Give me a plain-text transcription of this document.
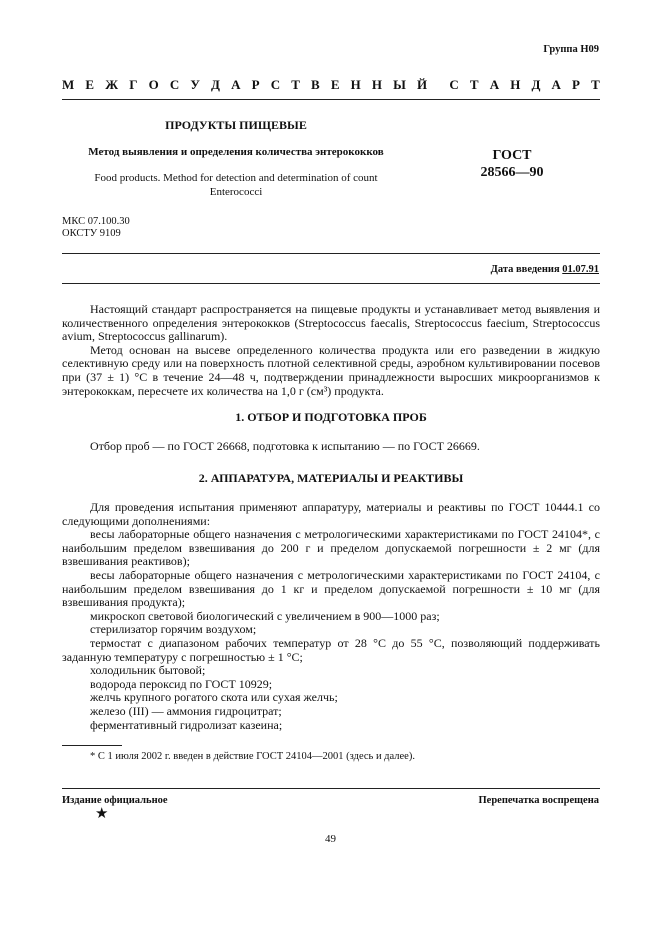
Группа Н09
М Е Ж Г О С У Д А Р С Т В Е Н Н Ы Й С Т А Н Д А Р Т
ПРОДУКТЫ ПИЩЕВЫЕ
Метод выявления и определения количества энтерококков
Food products. Method for detection and determination of count
Enterococci
ГОСТ
28566—90
МКС 07.100.30
ОКСТУ 9109
Дата введения 01.07.91

Настоящий стандарт распространяется на пищевые продукты и устанавливает метод выявления и количественного определения энтерококков (Streptococcus faecalis, Streptococcus faecium, Streptococcus avium, Streptococcus gallinarum).

Метод основан на высеве определенного количества продукта или его разведении в жидкую селективную среду или на поверхность плотной селективной среды, аэробном культивировании посевов при (37 ± 1) °С в течение 24—48 ч, подтверждении принадлежности выросших микроорганизмов к энтерококкам, пересчете их количества на 1,0 г (см³) продукта.

1. ОТБОР И ПОДГОТОВКА ПРОБ

Отбор проб — по ГОСТ 26668, подготовка к испытанию — по ГОСТ 26669.

2. АППАРАТУРА, МАТЕРИАЛЫ И РЕАКТИВЫ
Для проведения испытания применяют аппаратуру, материалы и реактивы по ГОСТ 10444.1 со следующими дополнениями:
весы лабораторные общего назначения с метрологическими характеристиками по ГОСТ 24104*, с наибольшим пределом взвешивания до 200 г и пределом допускаемой погрешности ± 2 мг (для взвешивания реактивов);
весы лабораторные общего назначения с метрологическими характеристиками по ГОСТ 24104, с наибольшим пределом взвешивания до 1 кг и пределом допускаемой погрешности ± 10 мг (для взвешивания продукта);
микроскоп световой биологический с увеличением в 900—1000 раз;
стерилизатор горячим воздухом;
термостат с диапазоном рабочих температур от 28 °С до 55 °С, позволяющий поддерживать заданную температуру с погрешностью ± 1 °С;
холодильник бытовой;
водорода пероксид по ГОСТ 10929;
желчь крупного рогатого скота или сухая желчь;
железо (III) — аммония гидроцитрат;
ферментативный гидролизат казеина;
* С 1 июля 2002 г. введен в действие ГОСТ 24104—2001 (здесь и далее).
Издание официальное	Перепечатка воспрещена
★
49
